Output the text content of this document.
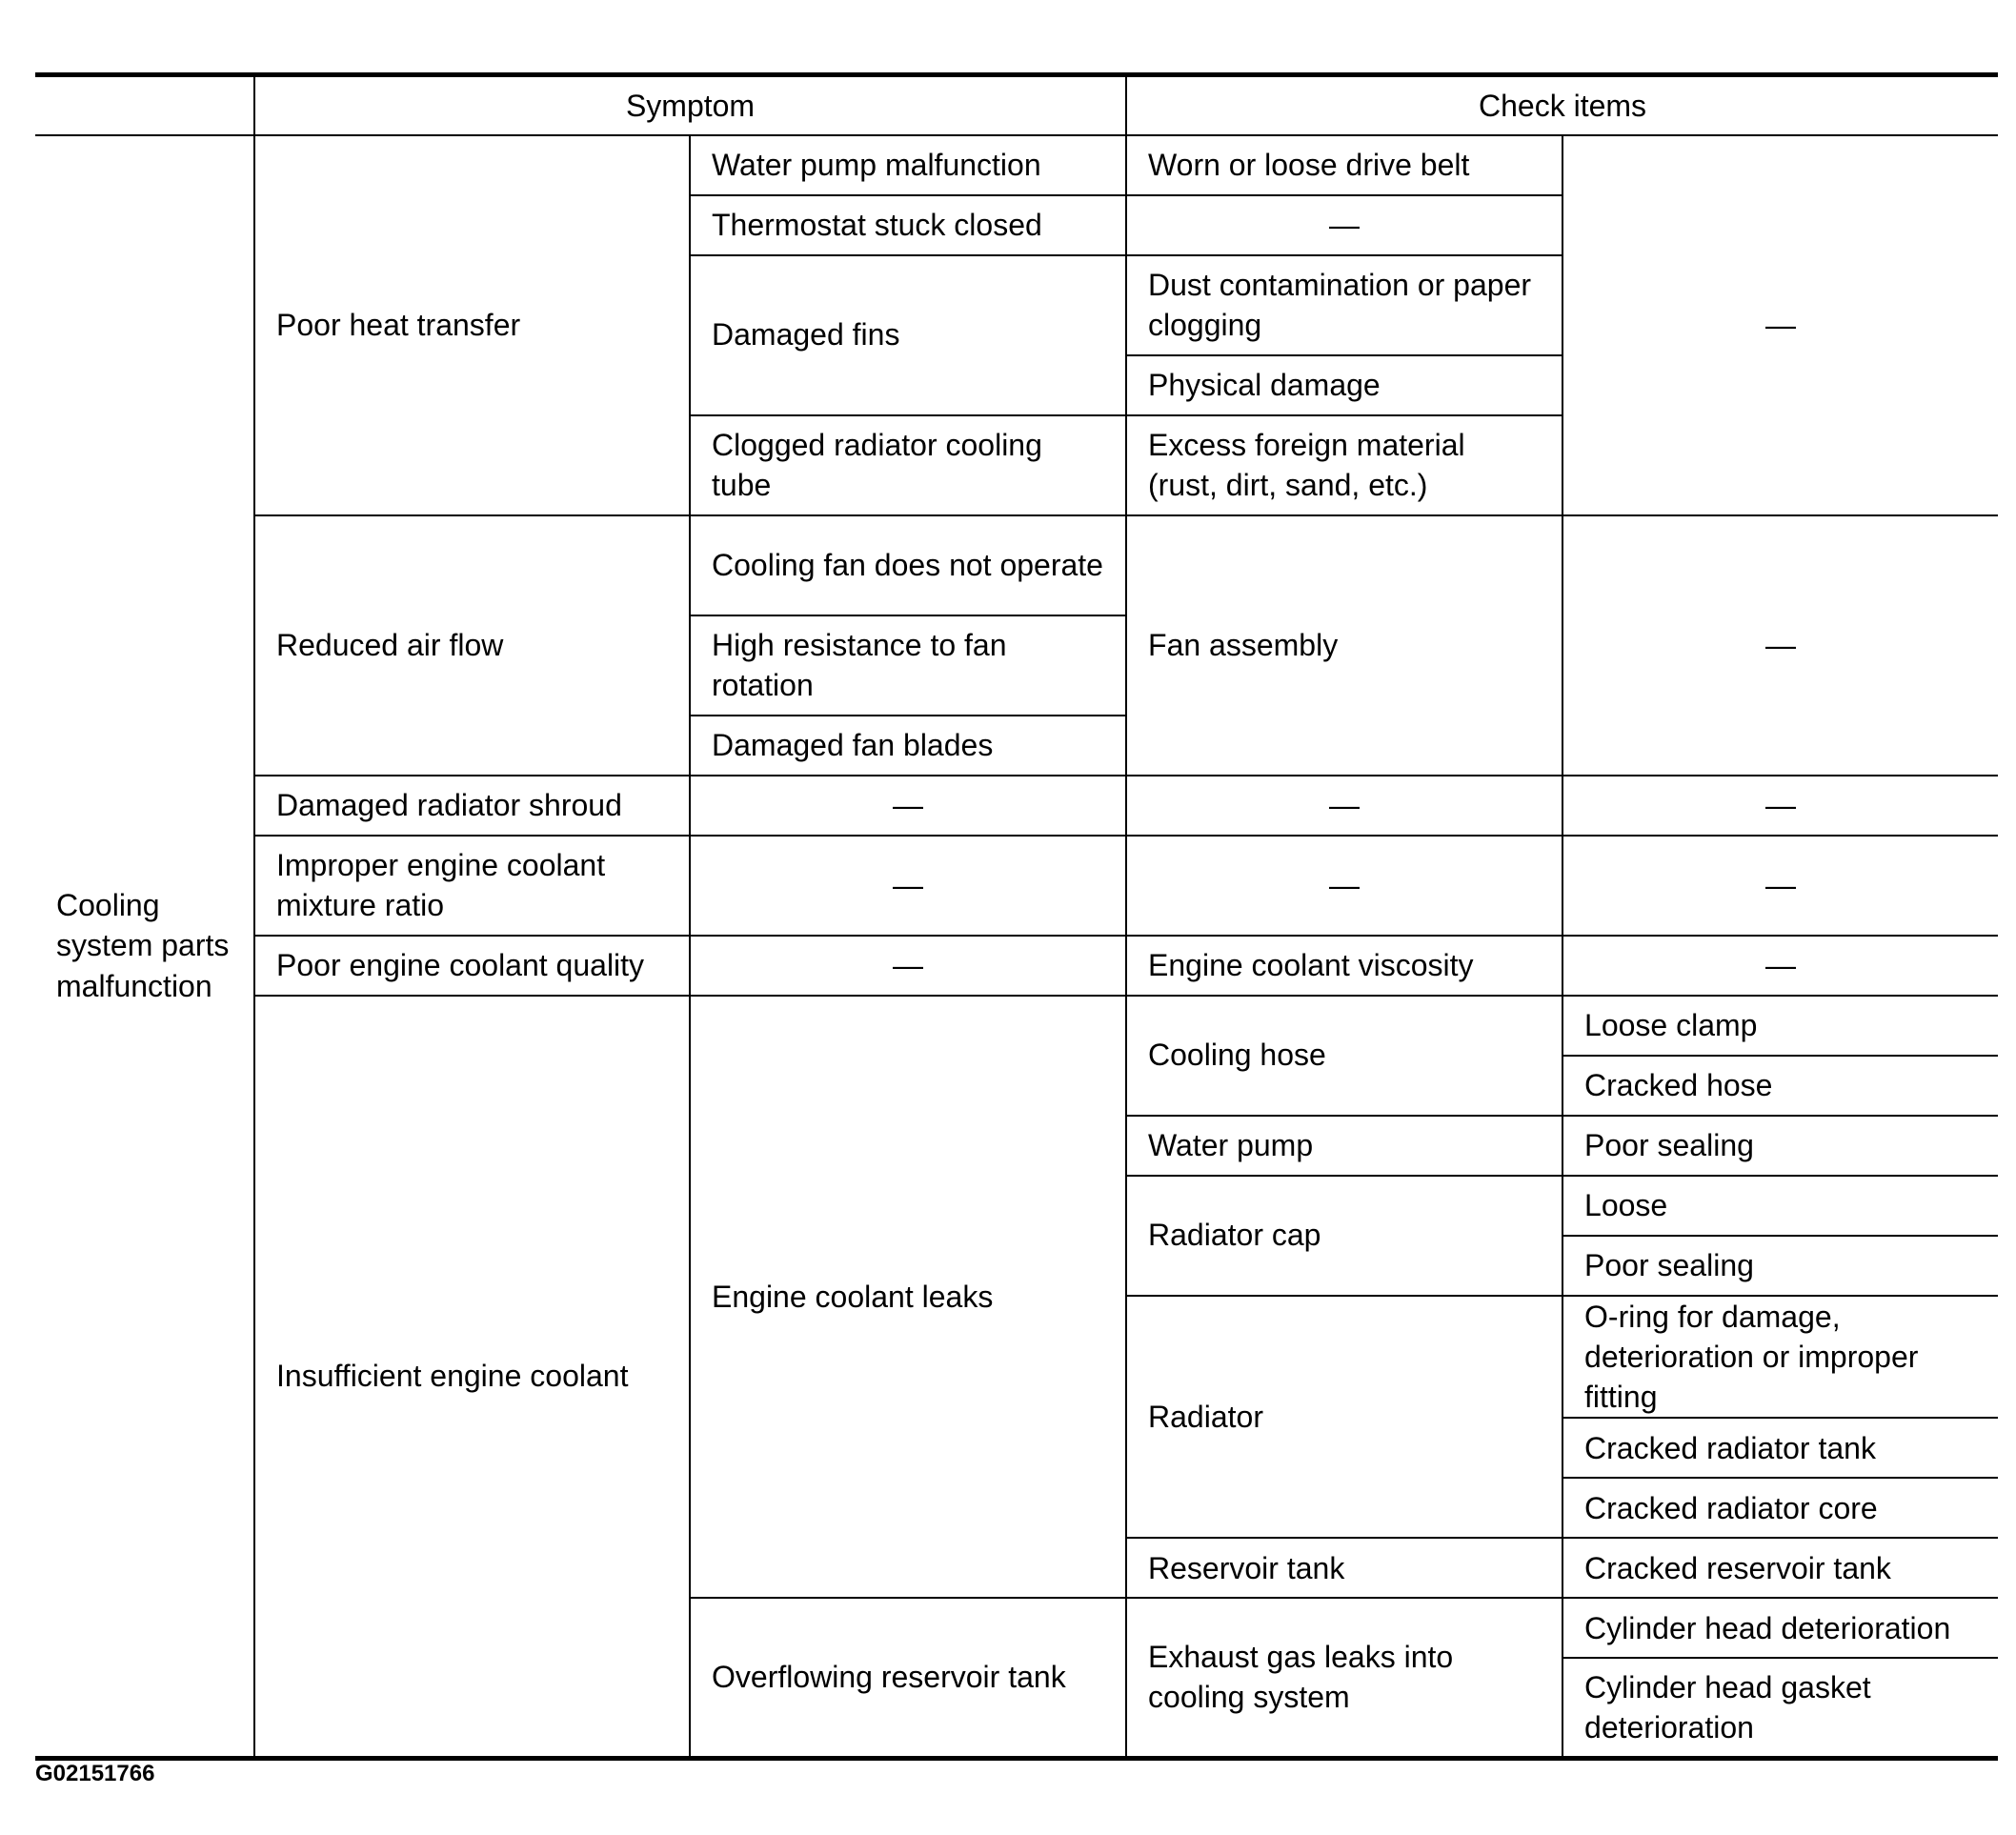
	Symptom		Check items	
Cooling system parts malfunction	Poor heat transfer	Water pump malfunction	Worn or loose drive belt	—
		Thermostat stuck closed	—	
		Damaged fins	Dust contamination or paper clogging	
			Physical damage	
		Clogged radiator cooling tube	Excess foreign material (rust, dirt, sand, etc.)	
	Reduced air flow	Cooling fan does not operate	Fan assembly	—
		High resistance to fan rotation		
		Damaged fan blades		
	Damaged radiator shroud	—	—	—
	Improper engine coolant mixture ratio	—	—	—
	Poor engine coolant quality	—	Engine coolant viscosity	—
	Insufficient engine coolant	Engine coolant leaks	Cooling hose	Loose clamp
				Cracked hose
			Water pump	Poor sealing
			Radiator cap	Loose
				Poor sealing
			Radiator	O-ring for damage, deterioration or improper fitting
				Cracked radiator tank
				Cracked radiator core
			Reservoir tank	Cracked reservoir tank
		Overflowing reservoir tank	Exhaust gas leaks into cooling system	Cylinder head deterioration
				Cylinder head gasket deterioration
G02151766
